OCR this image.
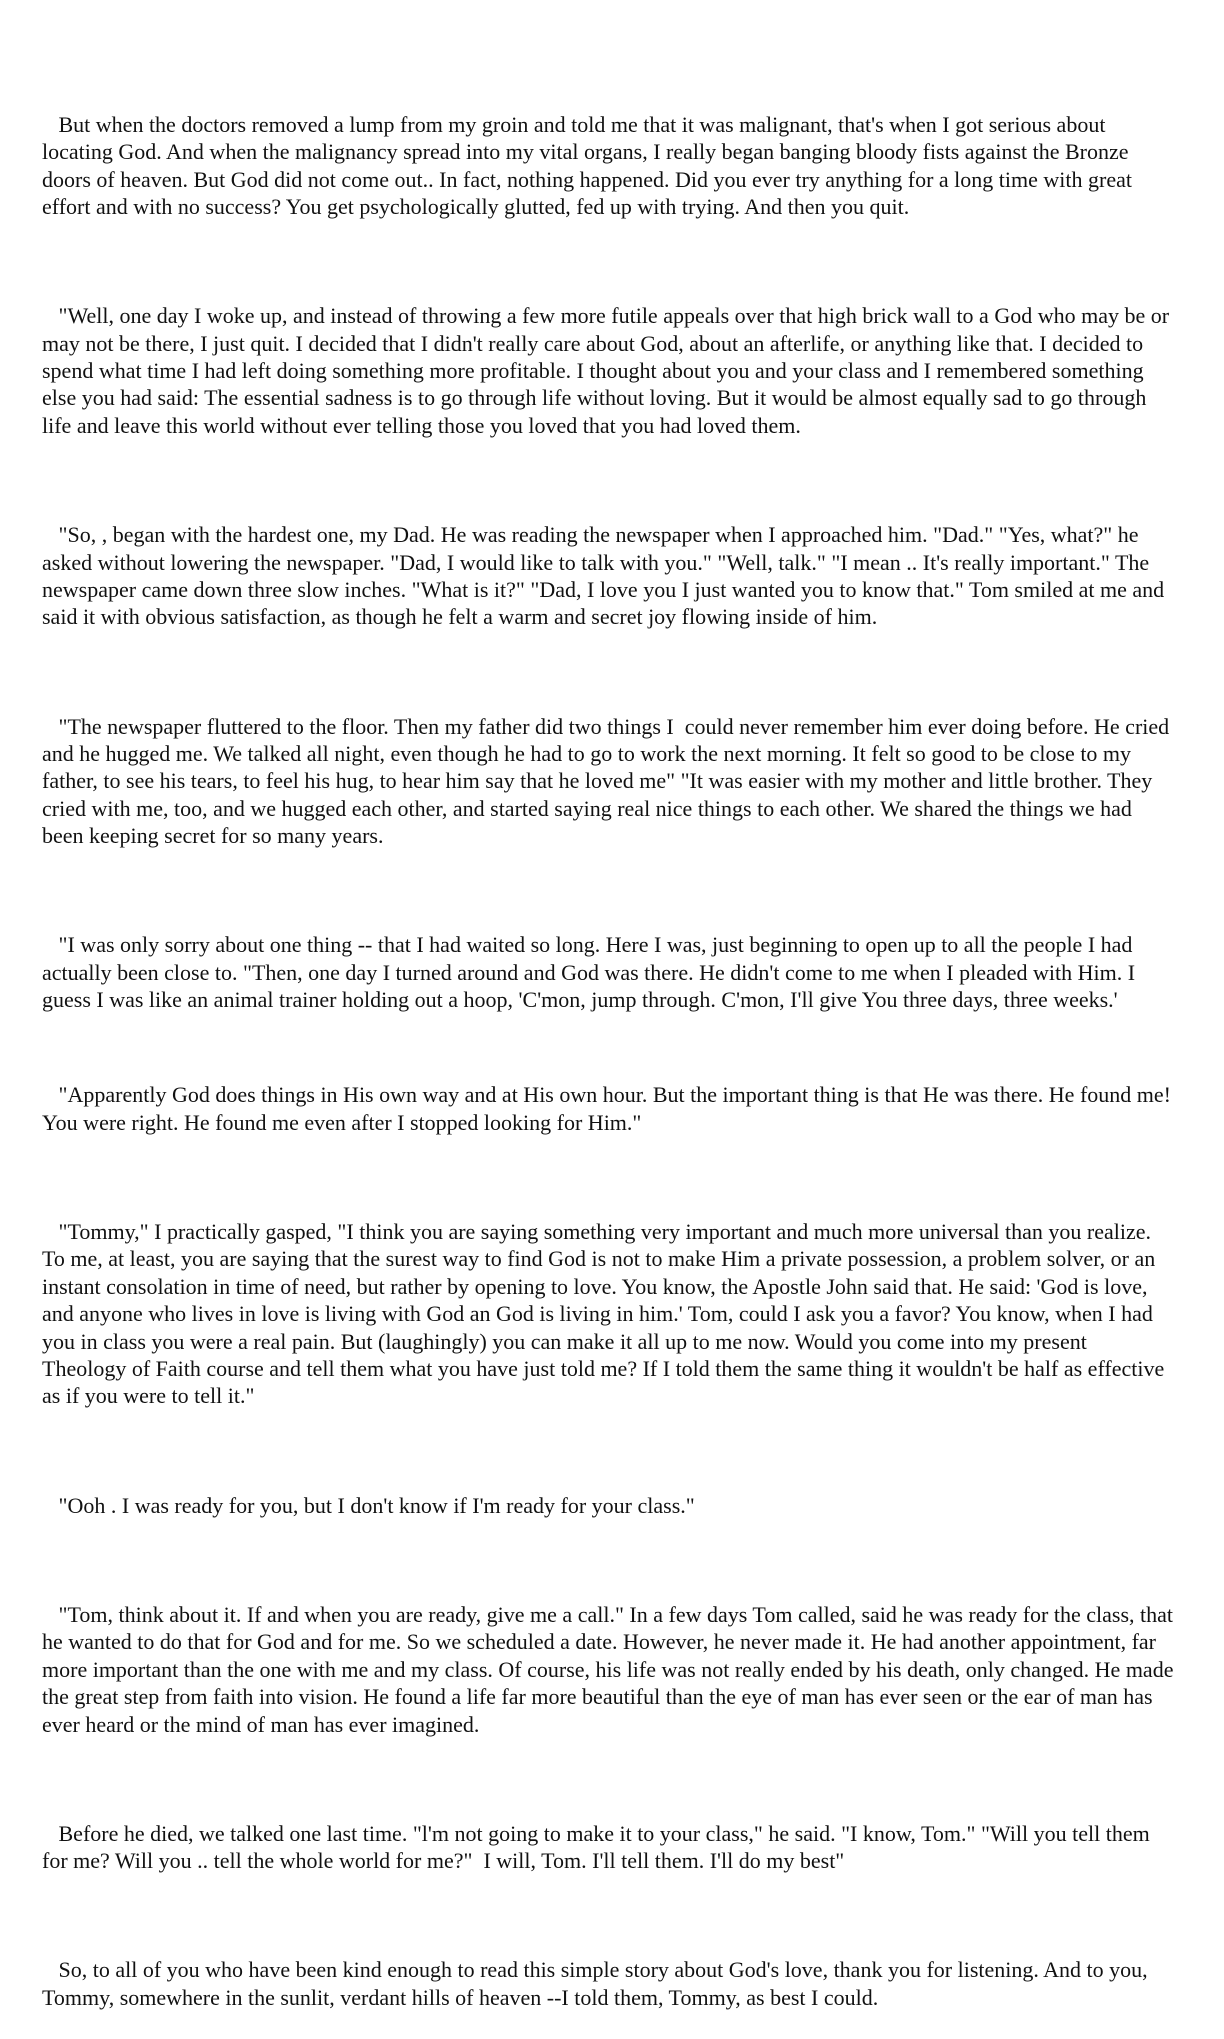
But when the doctors removed a lump from my groin and told me that it was malignant, that's when I got serious about locating God. And when the malignancy spread into my vital organs, I really began banging bloody fists against the Bronze doors of heaven. But God did not come out.. In fact, nothing happened. Did you ever try anything for a long time with great effort and with no success? You get psychologically glutted, fed up with trying. And then you quit.

"Well, one day I woke up, and instead of throwing a few more futile appeals over that high brick wall to a God who may be or may not be there, I just quit. I decided that I didn't really care about God, about an afterlife, or anything like that. I decided to spend what time I had left doing something more profitable. I thought about you and your class and I remembered something else you had said: The essential sadness is to go through life without loving. But it would be almost equally sad to go through life and leave this world without ever telling those you loved that you had loved them.

"So, , began with the hardest one, my Dad. He was reading the newspaper when I approached him. "Dad." "Yes, what?" he asked without lowering the newspaper. "Dad, I would like to talk with you." "Well, talk." "I mean .. It's really important." The newspaper came down three slow inches. "What is it?" "Dad, I love you I just wanted you to know that." Tom smiled at me and said it with obvious satisfaction, as though he felt a warm and secret joy flowing inside of him.

"The newspaper fluttered to the floor. Then my father did two things I  could never remember him ever doing before. He cried and he hugged me. We talked all night, even though he had to go to work the next morning. It felt so good to be close to my father, to see his tears, to feel his hug, to hear him say that he loved me" "It was easier with my mother and little brother. They cried with me, too, and we hugged each other, and started saying real nice things to each other. We shared the things we had been keeping secret for so many years.

"I was only sorry about one thing -- that I had waited so long. Here I was, just beginning to open up to all the people I had actually been close to. "Then, one day I turned around and God was there. He didn't come to me when I pleaded with Him. I guess I was like an animal trainer holding out a hoop, 'C'mon, jump through. C'mon, I'll give You three days, three weeks.'

"Apparently God does things in His own way and at His own hour. But the important thing is that He was there. He found me! You were right. He found me even after I stopped looking for Him."

"Tommy," I practically gasped, "I think you are saying something very important and much more universal than you realize. To me, at least, you are saying that the surest way to find God is not to make Him a private possession, a problem solver, or an instant consolation in time of need, but rather by opening to love. You know, the Apostle John said that. He said: 'God is love, and anyone who lives in love is living with God an God is living in him.' Tom, could I ask you a favor? You know, when I had you in class you were a real pain. But (laughingly) you can make it all up to me now. Would you come into my present Theology of Faith course and tell them what you have just told me? If I told them the same thing it wouldn't be half as effective as if you were to tell it."

"Ooh . I was ready for you, but I don't know if I'm ready for your class."

"Tom, think about it. If and when you are ready, give me a call." In a few days Tom called, said he was ready for the class, that he wanted to do that for God and for me. So we scheduled a date. However, he never made it. He had another appointment, far more important than the one with me and my class. Of course, his life was not really ended by his death, only changed. He made the great step from faith into vision. He found a life far more beautiful than the eye of man has ever seen or the ear of man has ever heard or the mind of man has ever imagined.

Before he died, we talked one last time. "l'm not going to make it to your class," he said. "I know, Tom." "Will you tell them for me? Will you .. tell the whole world for me?"  I will, Tom. I'll tell them. I'll do my best"

So, to all of you who have been kind enough to read this simple story about God's love, thank you for listening. And to you, Tommy, somewhere in the sunlit, verdant hills of heaven --I told them, Tommy, as best I could.
